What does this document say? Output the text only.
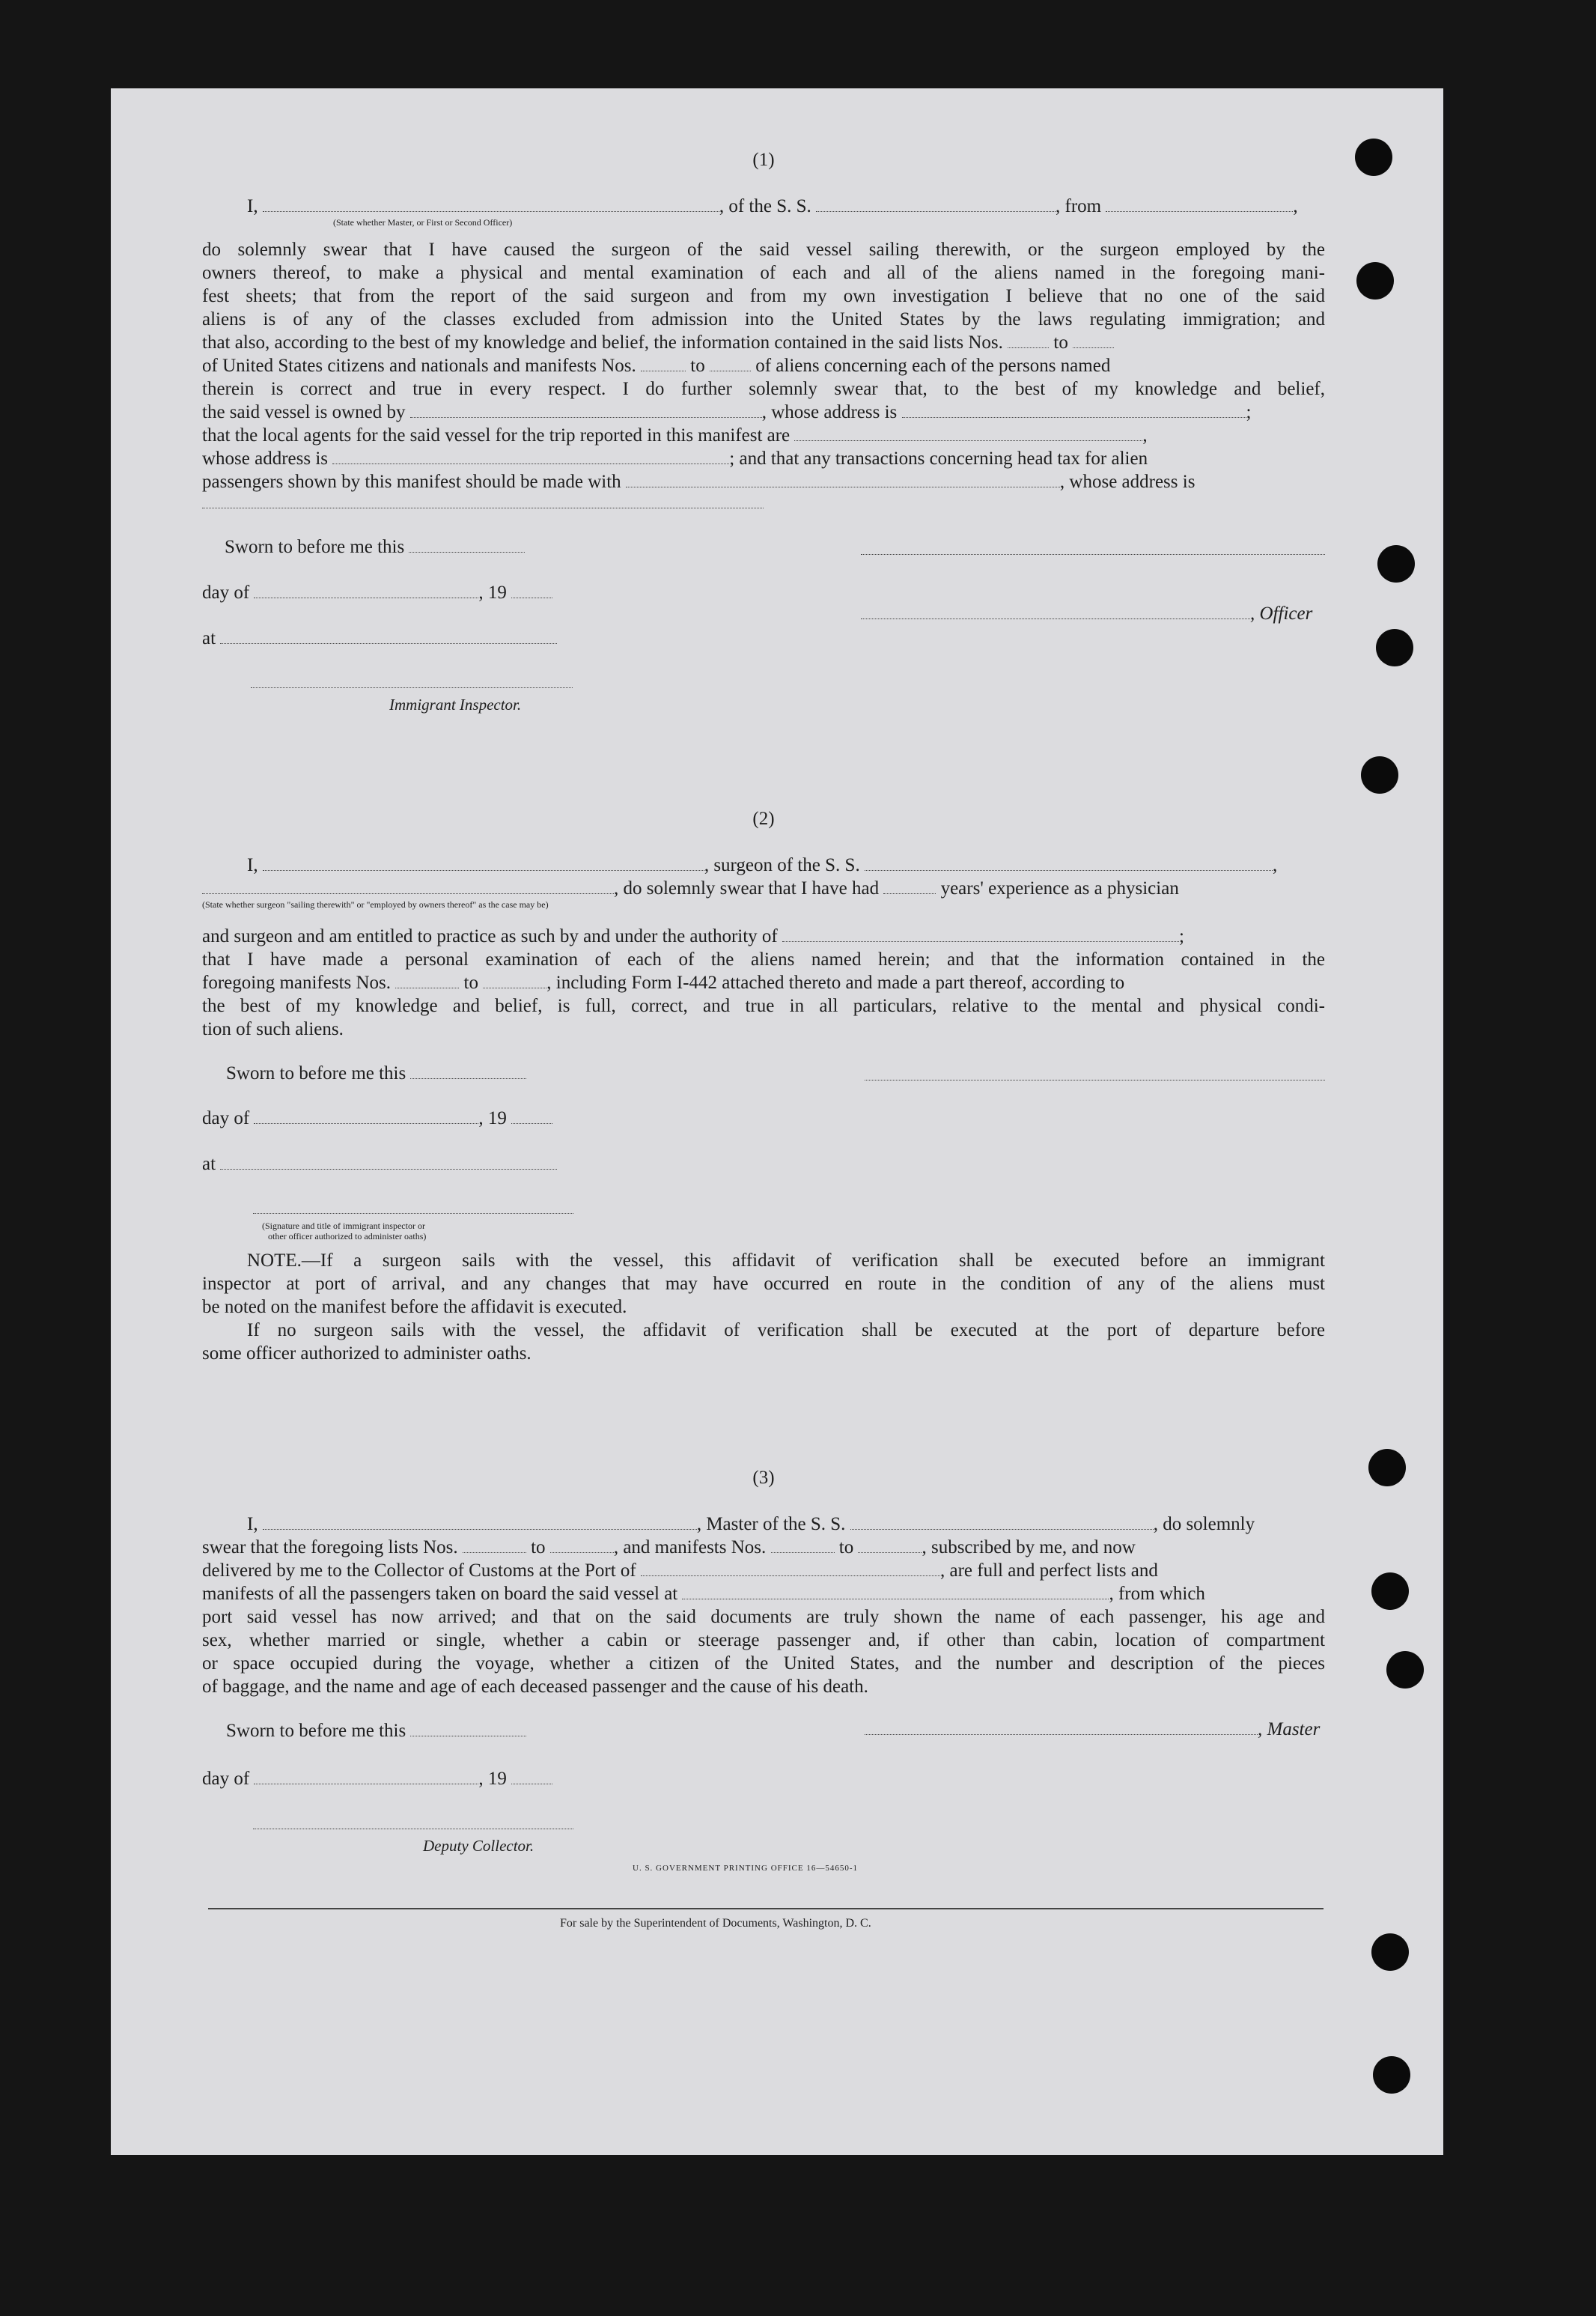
(1)
I,	, of the S. S.	, from	,
(State whether Master, or First or Second Officer)
do solemnly swear that I have caused the surgeon of the said vessel sailing therewith, or the surgeon employed by the
owners thereof, to make a physical and mental examination of each and all of the aliens named in the foregoing mani-
fest sheets; that from the report of the said surgeon and from my own investigation I believe that no one of the said
aliens is of any of the classes excluded from admission into the United States by the laws regulating immigration; and
that also, according to the best of my knowledge and belief, the information contained in the said lists Nos.	to
of United States citizens and nationals and manifests Nos.	to	of aliens concerning each of the persons named
therein is correct and true in every respect. I do further solemnly swear that, to the best of my knowledge and belief,
the said vessel is owned by	, whose address is	;
that the local agents for the said vessel for the trip reported in this manifest are	,
whose address is	; and that any transactions concerning head tax for alien
passengers shown by this manifest should be made with	, whose address is
Sworn to before me this
day of	, 19
, Officer
at
Immigrant Inspector.
(2)
I,	, surgeon of the S. S.	,
, do solemnly swear that I have had	years' experience as a physician
(State whether surgeon "sailing therewith" or "employed by owners thereof" as the case may be)
and surgeon and am entitled to practice as such by and under the authority of	;
that I have made a personal examination of each of the aliens named herein; and that the information contained in the
foregoing manifests Nos.	to	, including Form I-442 attached thereto and made a part thereof, according to
the best of my knowledge and belief, is full, correct, and true in all particulars, relative to the mental and physical condi-
tion of such aliens.
Sworn to before me this
day of	, 19
at
(Signature and title of immigrant inspector or
other officer authorized to administer oaths)
NOTE.—If a surgeon sails with the vessel, this affidavit of verification shall be executed before an immigrant
inspector at port of arrival, and any changes that may have occurred en route in the condition of any of the aliens must
be noted on the manifest before the affidavit is executed.
If no surgeon sails with the vessel, the affidavit of verification shall be executed at the port of departure before
some officer authorized to administer oaths.
(3)
I,	, Master of the S. S.	, do solemnly
swear that the foregoing lists Nos.	to	, and manifests Nos.	to	, subscribed by me, and now
delivered by me to the Collector of Customs at the Port of	, are full and perfect lists and
manifests of all the passengers taken on board the said vessel at	, from which
port said vessel has now arrived; and that on the said documents are truly shown the name of each passenger, his age and
sex, whether married or single, whether a cabin or steerage passenger and, if other than cabin, location of compartment
or space occupied during the voyage, whether a citizen of the United States, and the number and description of the pieces
of baggage, and the name and age of each deceased passenger and the cause of his death.
Sworn to before me this	, Master
day of	, 19
Deputy Collector.
U. S. GOVERNMENT PRINTING OFFICE 16—54650-1
For sale by the Superintendent of Documents, Washington, D. C.
